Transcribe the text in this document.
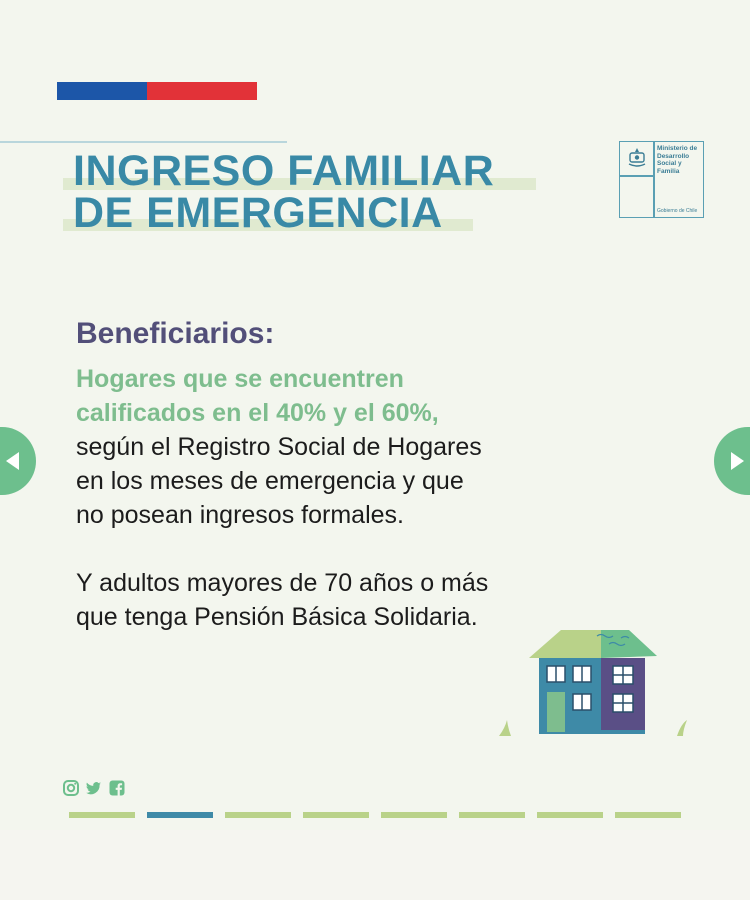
INGRESO FAMILIAR
DE EMERGENCIA
Ministerio de Desarrollo Social y Familia
Gobierno de Chile
Beneficiarios:
Hogares que se encuentren calificados en el 40% y el 60%,
según el Registro Social de Hogares en los meses de emergencia y que no posean ingresos formales.
Y adultos mayores de 70 años o más que tenga Pensión Básica Solidaria.
